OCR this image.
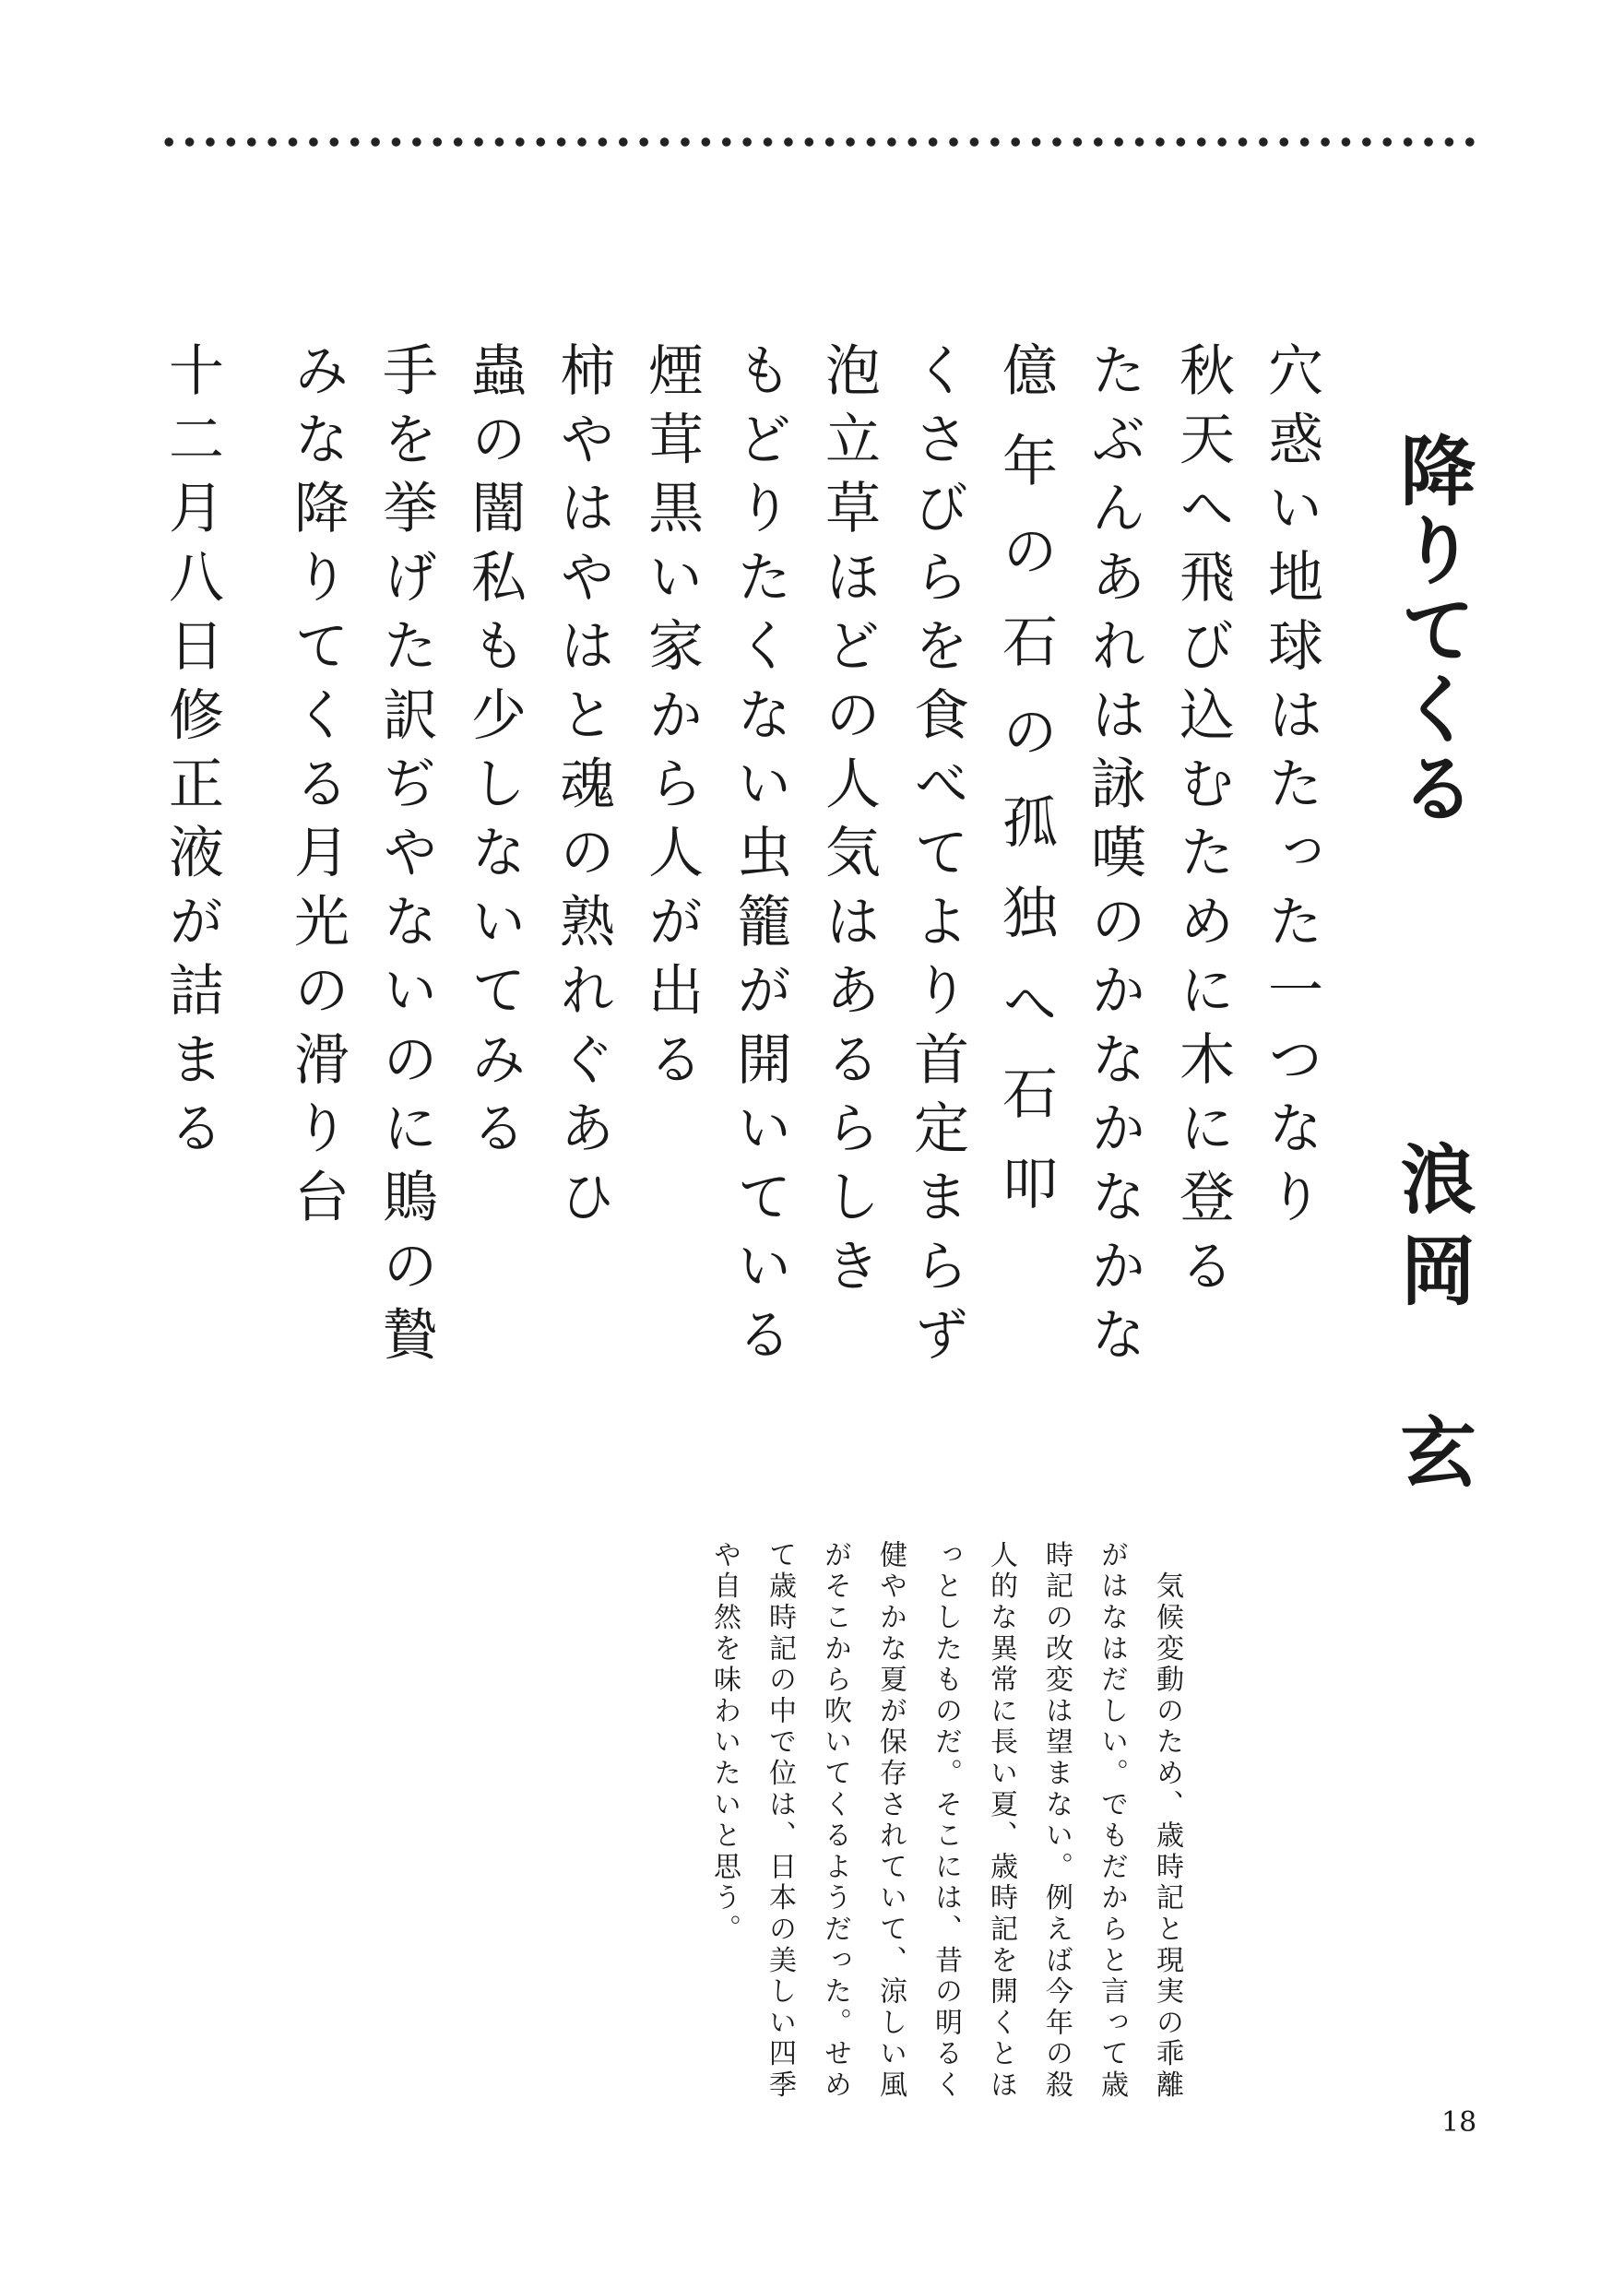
降りてくる
浪岡　玄

穴惑い地球はたった一つなり

秋天へ飛び込むために木に登る

たぶんあれは詠嘆のかなかなかな

億年の石の孤独へ石叩

くさびらを食べてより首定まらず

泡立草ほどの人気はあるらしき

もどりたくない虫籠が開いている

煙茸黒い家から人が出る

柿やはやはと魂の熟れぐあひ

蟲の闇私も少しないてみる

手を挙げた訳ぢやないのに鵙の贄

みな降りてくる月光の滑り台

十二月八日修正液が詰まる

　気候変動のため、歳時記と現実の乖離

がはなはだしい。でもだからと言って歳

時記の改変は望まない。例えば今年の殺

人的な異常に長い夏、歳時記を開くとほ

っとしたものだ。そこには、昔の明るく

健やかな夏が保存されていて、涼しい風

がそこから吹いてくるようだった。せめ

て歳時記の中で位は、日本の美しい四季

や自然を味わいたいと思う。

18
